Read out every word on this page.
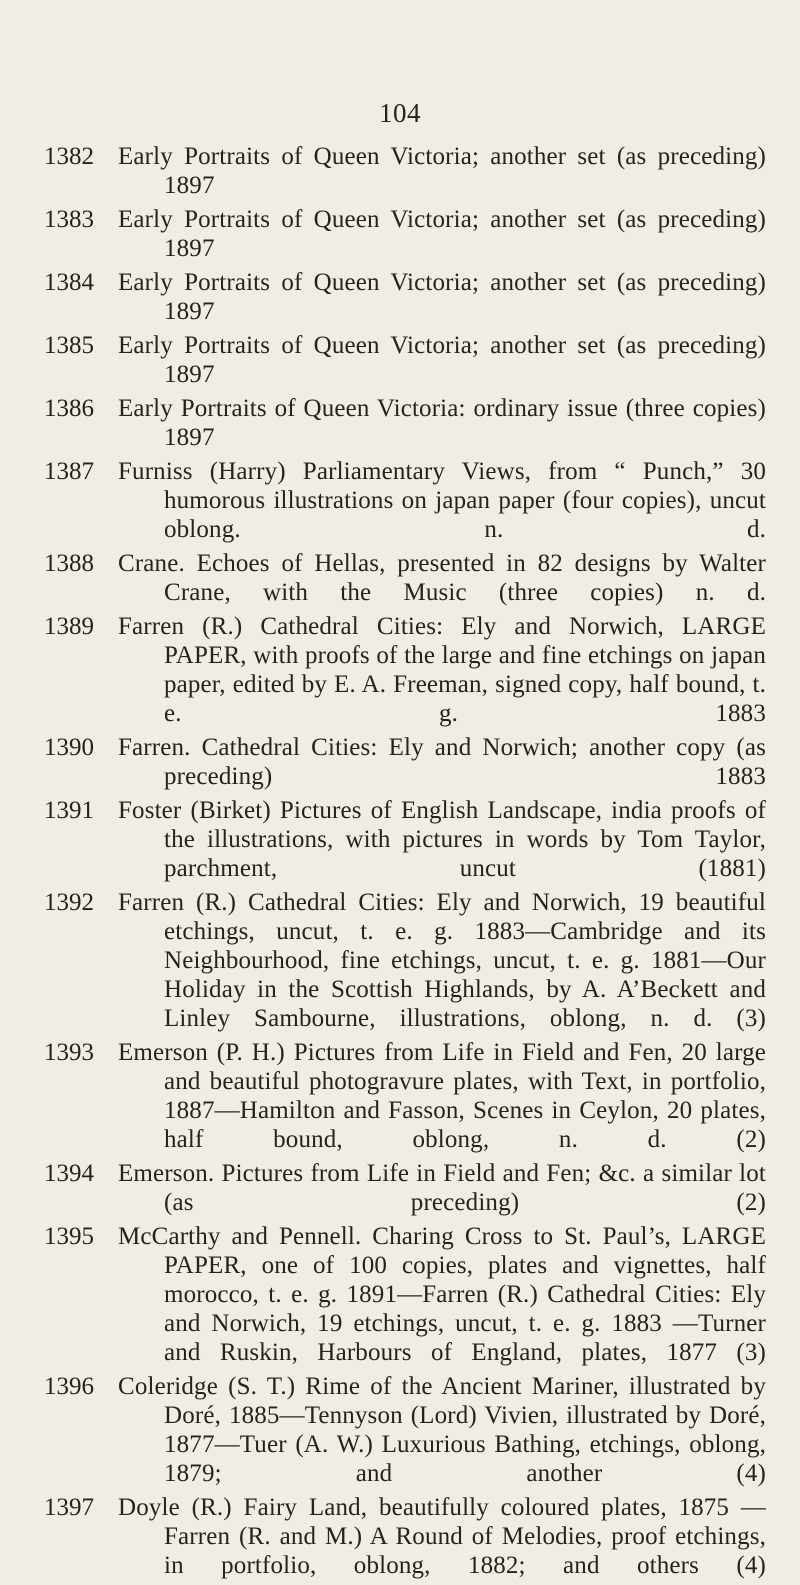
104
1382 Early Portraits of Queen Victoria; another set (as preceding) 1897
1383 Early Portraits of Queen Victoria; another set (as preceding) 1897
1384 Early Portraits of Queen Victoria; another set (as preceding) 1897
1385 Early Portraits of Queen Victoria; another set (as preceding) 1897
1386 Early Portraits of Queen Victoria: ordinary issue (three copies) 1897
1387 Furniss (Harry) Parliamentary Views, from “ Punch,” 30 humorous illustrations on japan paper (four copies), uncut oblong. n. d.
1388 Crane. Echoes of Hellas, presented in 82 designs by Walter Crane, with the Music (three copies) n. d.
1389 Farren (R.) Cathedral Cities: Ely and Norwich, LARGE PAPER, with proofs of the large and fine etchings on japan paper, edited by E. A. Freeman, signed copy, half bound, t. e. g. 1883
1390 Farren. Cathedral Cities: Ely and Norwich; another copy (as preceding) 1883
1391 Foster (Birket) Pictures of English Landscape, india proofs of the illustrations, with pictures in words by Tom Taylor, parchment, uncut (1881)
1392 Farren (R.) Cathedral Cities: Ely and Norwich, 19 beautiful etchings, uncut, t. e. g. 1883—Cambridge and its Neighbourhood, fine etchings, uncut, t. e. g. 1881—Our Holiday in the Scottish Highlands, by A. A’Beckett and Linley Sambourne, illustrations, oblong, n. d. (3)
1393 Emerson (P. H.) Pictures from Life in Field and Fen, 20 large and beautiful photogravure plates, with Text, in portfolio, 1887—Hamilton and Fasson, Scenes in Ceylon, 20 plates, half bound, oblong, n. d. (2)
1394 Emerson. Pictures from Life in Field and Fen; &c. a similar lot (as preceding) (2)
1395 McCarthy and Pennell. Charing Cross to St. Paul’s, LARGE PAPER, one of 100 copies, plates and vignettes, half morocco, t. e. g. 1891—Farren (R.) Cathedral Cities: Ely and Norwich, 19 etchings, uncut, t. e. g. 1883 —Turner and Ruskin, Harbours of England, plates, 1877 (3)
1396 Coleridge (S. T.) Rime of the Ancient Mariner, illustrated by Doré, 1885—Tennyson (Lord) Vivien, illustrated by Doré, 1877—Tuer (A. W.) Luxurious Bathing, etchings, oblong, 1879; and another (4)
1397 Doyle (R.) Fairy Land, beautifully coloured plates, 1875 —Farren (R. and M.) A Round of Melodies, proof etchings, in portfolio, oblong, 1882; and others (4)
